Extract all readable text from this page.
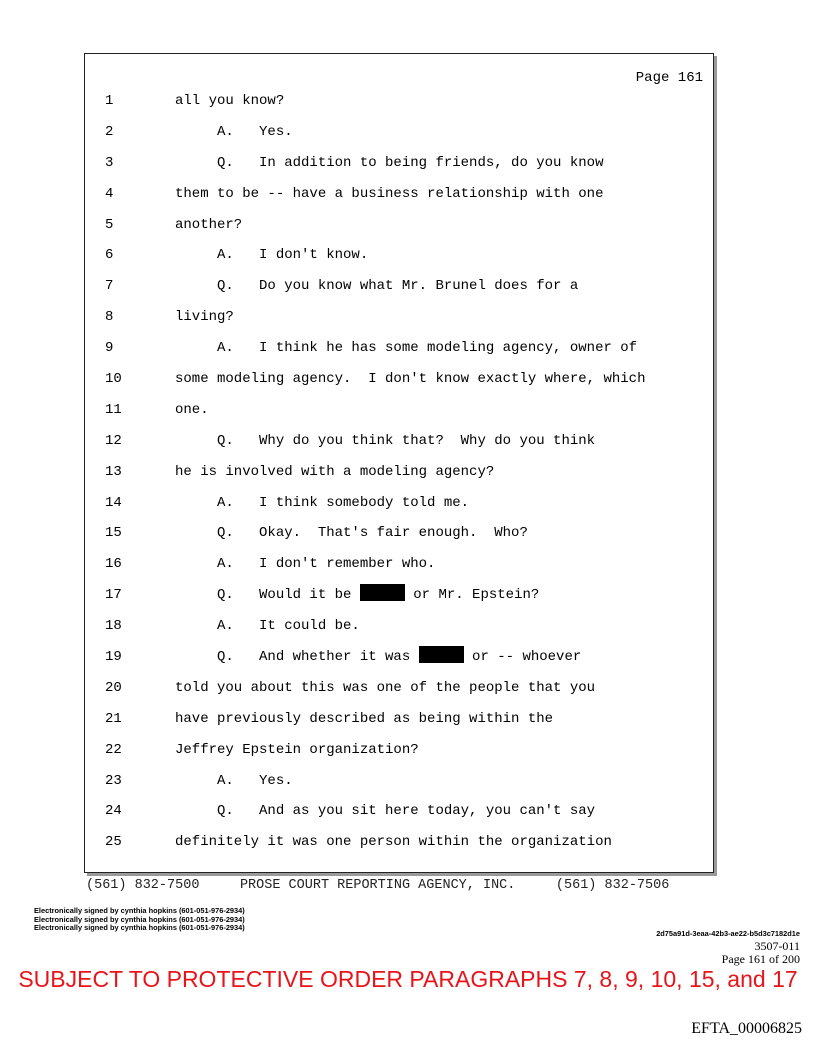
Page 161
1	all you know?
2	A.   Yes.
3	Q.   In addition to being friends, do you know
4	them to be -- have a business relationship with one
5	another?
6	A.   I don't know.
7	Q.   Do you know what Mr. Brunel does for a
8	living?
9	A.   I think he has some modeling agency, owner of
10	some modeling agency.  I don't know exactly where, which
11	one.
12	Q.   Why do you think that?  Why do you think
13	he is involved with a modeling agency?
14	A.   I think somebody told me.
15	Q.   Okay.  That's fair enough.  Who?
16	A.   I don't remember who.
17	Q.   Would it be	or Mr. Epstein?
18	A.   It could be.
19	Q.   And whether it was	or -- whoever
20	told you about this was one of the people that you
21	have previously described as being within the
22	Jeffrey Epstein organization?
23	A.   Yes.
24	Q.   And as you sit here today, you can't say
25	definitely it was one person within the organization
(561) 832-7500	PROSE COURT REPORTING AGENCY, INC.	(561) 832-7506
Electronically signed by cynthia hopkins (601-051-976-2934)
Electronically signed by cynthia hopkins (601-051-976-2934)
Electronically signed by cynthia hopkins (601-051-976-2934)
2d75a91d-3eaa-42b3-ae22-b5d3c7182d1e
3507-011
Page 161 of 200
SUBJECT TO PROTECTIVE ORDER PARAGRAPHS 7, 8, 9, 10, 15, and 17
EFTA_00006825
